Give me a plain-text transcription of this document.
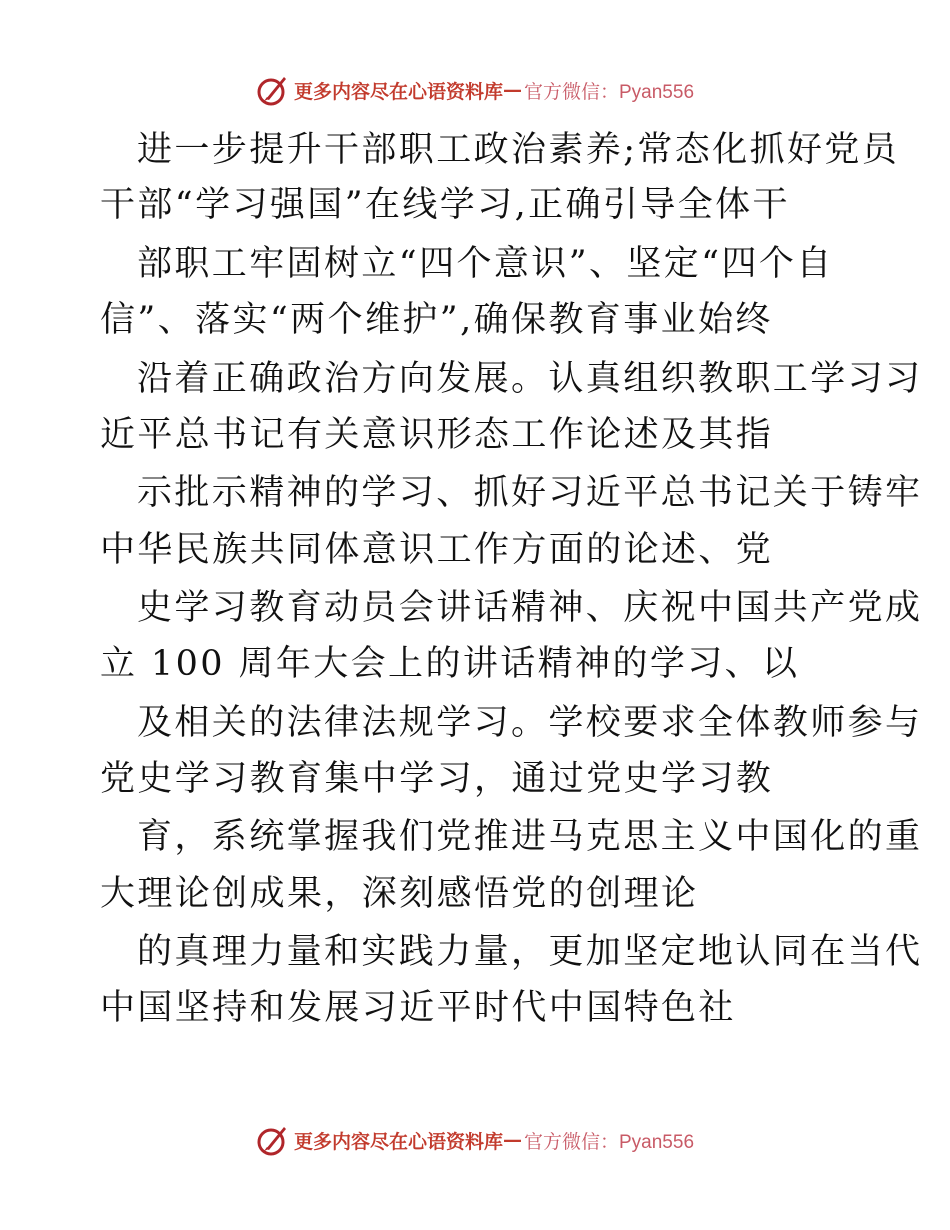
更多内容尽在心语资料库 — 官方微信：Pyan556
进一步提升干部职工政治素养;常态化抓好党员
干部“学习强国”在线学习,正确引导全体干
部职工牢固树立“四个意识”、坚定“四个自
信”、落实“两个维护”,确保教育事业始终
沿着正确政治方向发展。认真组织教职工学习习
近平总书记有关意识形态工作论述及其指
示批示精神的学习、抓好习近平总书记关于铸牢
中华民族共同体意识工作方面的论述、党
史学习教育动员会讲话精神、庆祝中国共产党成
立 100 周年大会上的讲话精神的学习、以
及相关的法律法规学习。学校要求全体教师参与
党史学习教育集中学习，通过党史学习教
育，系统掌握我们党推进马克思主义中国化的重
大理论创成果，深刻感悟党的创理论
的真理力量和实践力量，更加坚定地认同在当代
中国坚持和发展习近平时代中国特色社
更多内容尽在心语资料库 — 官方微信：Pyan556
